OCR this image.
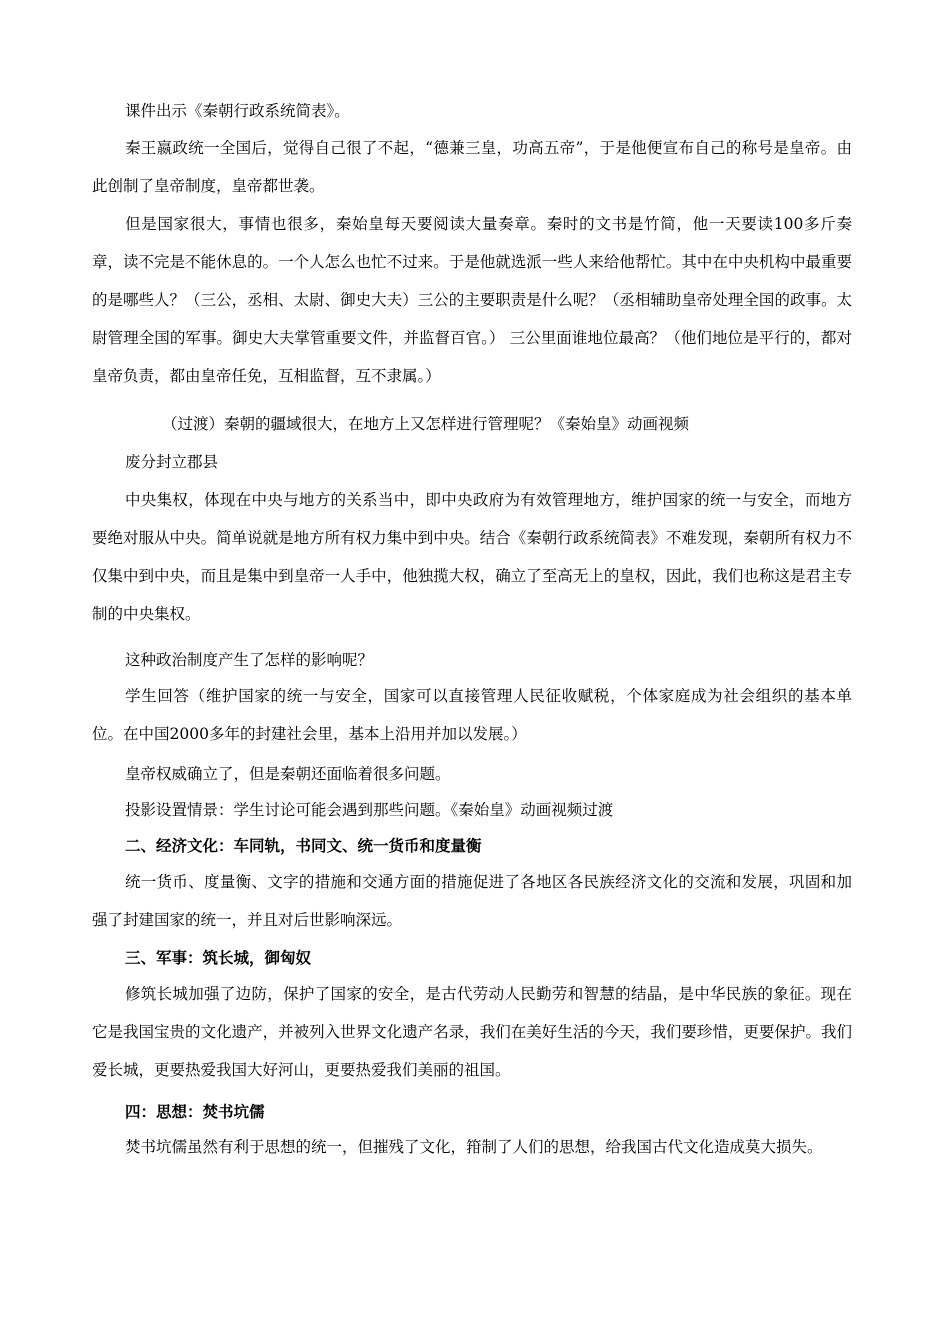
课件出示《秦朝行政系统简表》。

秦王嬴政统一全国后，觉得自己很了不起，“德兼三皇，功高五帝”，于是他便宣布自己的称号是皇帝。由此创制了皇帝制度，皇帝都世袭。

但是国家很大，事情也很多，秦始皇每天要阅读大量奏章。秦时的文书是竹简，他一天要读100多斤奏章，读不完是不能休息的。一个人怎么也忙不过来。于是他就选派一些人来给他帮忙。其中在中央机构中最重要的是哪些人？（三公，丞相、太尉、御史大夫）三公的主要职责是什么呢？（丞相辅助皇帝处理全国的政事。太尉管理全国的军事。御史大夫掌管重要文件，并监督百官。） 三公里面谁地位最高？（他们地位是平行的，都对皇帝负责，都由皇帝任免，互相监督，互不隶属。）

（过渡）秦朝的疆域很大，在地方上又怎样进行管理呢？《秦始皇》动画视频

废分封立郡县

中央集权，体现在中央与地方的关系当中，即中央政府为有效管理地方，维护国家的统一与安全，而地方要绝对服从中央。简单说就是地方所有权力集中到中央。结合《秦朝行政系统简表》不难发现，秦朝所有权力不仅集中到中央，而且是集中到皇帝一人手中，他独揽大权，确立了至高无上的皇权，因此，我们也称这是君主专制的中央集权。

这种政治制度产生了怎样的影响呢？

学生回答（维护国家的统一与安全，国家可以直接管理人民征收赋税，个体家庭成为社会组织的基本单位。在中国2000多年的封建社会里，基本上沿用并加以发展。）

皇帝权威确立了，但是秦朝还面临着很多问题。

投影设置情景：学生讨论可能会遇到那些问题。《秦始皇》动画视频过渡

二、经济文化：车同轨，书同文、统一货币和度量衡

统一货币、度量衡、文字的措施和交通方面的措施促进了各地区各民族经济文化的交流和发展，巩固和加强了封建国家的统一，并且对后世影响深远。

三、军事：筑长城，御匈奴

修筑长城加强了边防，保护了国家的安全，是古代劳动人民勤劳和智慧的结晶，是中华民族的象征。现在它是我国宝贵的文化遗产，并被列入世界文化遗产名录，我们在美好生活的今天，我们要珍惜，更要保护。我们爱长城，更要热爱我国大好河山，更要热爱我们美丽的祖国。

四：思想：焚书坑儒

焚书坑儒虽然有利于思想的统一，但摧残了文化，箝制了人们的思想，给我国古代文化造成莫大损失。
